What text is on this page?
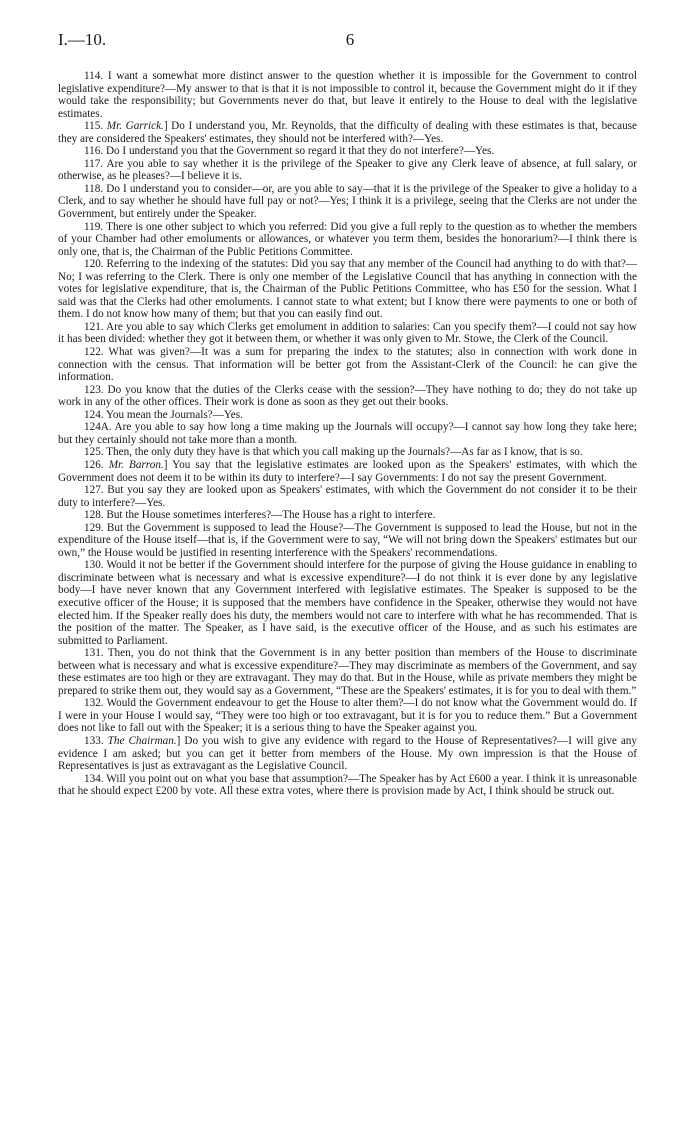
I.—10.	6

114. I want a somewhat more distinct answer to the question whether it is impossible for the Government to control legislative expenditure?—My answer to that is that it is not impossible to control it, because the Government might do it if they would take the responsibility; but Governments never do that, but leave it entirely to the House to deal with the legislative estimates.

115. Mr. Garrick.] Do I understand you, Mr. Reynolds, that the difficulty of dealing with these estimates is that, because they are considered the Speakers' estimates, they should not be interfered with?—Yes.

116. Do I understand you that the Government so regard it that they do not interfere?—Yes.

117. Are you able to say whether it is the privilege of the Speaker to give any Clerk leave of absence, at full salary, or otherwise, as he pleases?—I believe it is.

118. Do I understand you to consider—or, are you able to say—that it is the privilege of the Speaker to give a holiday to a Clerk, and to say whether he should have full pay or not?—Yes; I think it is a privilege, seeing that the Clerks are not under the Government, but entirely under the Speaker.

119. There is one other subject to which you referred: Did you give a full reply to the question as to whether the members of your Chamber had other emoluments or allowances, or whatever you term them, besides the honorarium?—I think there is only one, that is, the Chairman of the Public Petitions Committee.

120. Referring to the indexing of the statutes: Did you say that any member of the Council had anything to do with that?—No; I was referring to the Clerk. There is only one member of the Legislative Council that has anything in connection with the votes for legislative expenditure, that is, the Chairman of the Public Petitions Committee, who has £50 for the session. What I said was that the Clerks had other emoluments. I cannot state to what extent; but I know there were payments to one or both of them. I do not know how many of them; but that you can easily find out.

121. Are you able to say which Clerks get emolument in addition to salaries: Can you specify them?—I could not say how it has been divided: whether they got it between them, or whether it was only given to Mr. Stowe, the Clerk of the Council.

122. What was given?—It was a sum for preparing the index to the statutes; also in connection with work done in connection with the census. That information will be better got from the Assistant-Clerk of the Council: he can give the information.

123. Do you know that the duties of the Clerks cease with the session?—They have nothing to do; they do not take up work in any of the other offices. Their work is done as soon as they get out their books.

124. You mean the Journals?—Yes.

124A. Are you able to say how long a time making up the Journals will occupy?—I cannot say how long they take here; but they certainly should not take more than a month.

125. Then, the only duty they have is that which you call making up the Journals?—As far as I know, that is so.

126. Mr. Barron.] You say that the legislative estimates are looked upon as the Speakers' estimates, with which the Government does not deem it to be within its duty to interfere?—I say Governments: I do not say the present Government.

127. But you say they are looked upon as Speakers' estimates, with which the Government do not consider it to be their duty to interfere?—Yes.

128. But the House sometimes interferes?—The House has a right to interfere.

129. But the Government is supposed to lead the House?—The Government is supposed to lead the House, but not in the expenditure of the House itself—that is, if the Government were to say, “We will not bring down the Speakers' estimates but our own,” the House would be justified in resenting interference with the Speakers' recommendations.

130. Would it not be better if the Government should interfere for the purpose of giving the House guidance in enabling to discriminate between what is necessary and what is excessive expenditure?—I do not think it is ever done by any legislative body—I have never known that any Government interfered with legislative estimates. The Speaker is supposed to be the executive officer of the House; it is supposed that the members have confidence in the Speaker, otherwise they would not have elected him. If the Speaker really does his duty, the members would not care to interfere with what he has recommended. That is the position of the matter. The Speaker, as I have said, is the executive officer of the House, and as such his estimates are submitted to Parliament.

131. Then, you do not think that the Government is in any better position than members of the House to discriminate between what is necessary and what is excessive expenditure?—They may discriminate as members of the Government, and say these estimates are too high or they are extravagant. They may do that. But in the House, while as private members they might be prepared to strike them out, they would say as a Government, “These are the Speakers' estimates, it is for you to deal with them.”

132. Would the Government endeavour to get the House to alter them?—I do not know what the Government would do. If I were in your House I would say, “They were too high or too extravagant, but it is for you to reduce them.” But a Government does not like to fall out with the Speaker; it is a serious thing to have the Speaker against you.

133. The Chairman.] Do you wish to give any evidence with regard to the House of Representatives?—I will give any evidence I am asked; but you can get it better from members of the House. My own impression is that the House of Representatives is just as extravagant as the Legislative Council.

134. Will you point out on what you base that assumption?—The Speaker has by Act £600 a year. I think it is unreasonable that he should expect £200 by vote. All these extra votes, where there is provision made by Act, I think should be struck out.
